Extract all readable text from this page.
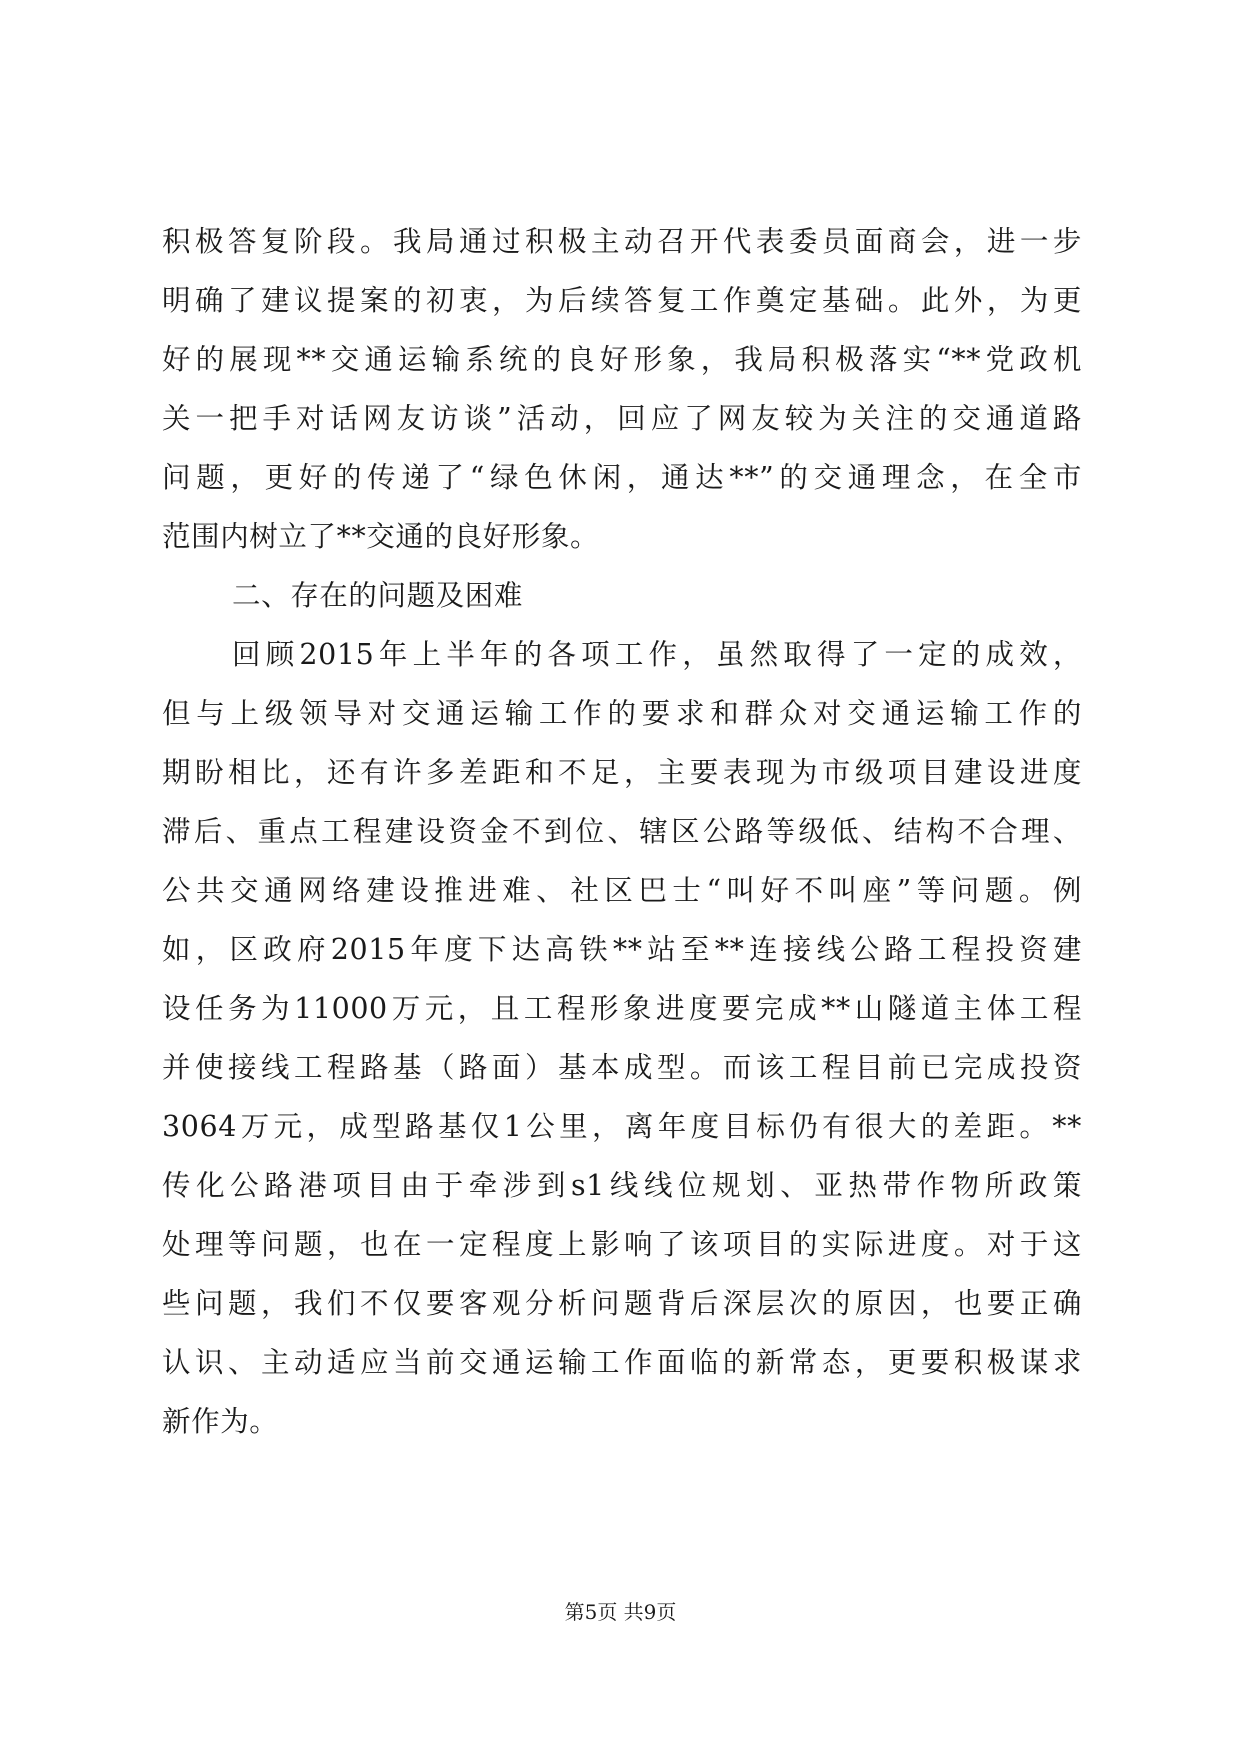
积极答复阶段。我局通过积极主动召开代表委员面商会，进一步
明确了建议提案的初衷，为后续答复工作奠定基础。此外，为更
好的展现**交通运输系统的良好形象，我局积极落实“**党政机
关一把手对话网友访谈”活动，回应了网友较为关注的交通道路
问题，更好的传递了“绿色休闲，通达**”的交通理念，在全市
范围内树立了**交通的良好形象。
二、存在的问题及困难
回顾2015年上半年的各项工作，虽然取得了一定的成效，
但与上级领导对交通运输工作的要求和群众对交通运输工作的
期盼相比，还有许多差距和不足，主要表现为市级项目建设进度
滞后、重点工程建设资金不到位、辖区公路等级低、结构不合理、
公共交通网络建设推进难、社区巴士“叫好不叫座”等问题。例
如，区政府2015年度下达高铁**站至**连接线公路工程投资建
设任务为11000万元，且工程形象进度要完成**山隧道主体工程
并使接线工程路基（路面）基本成型。而该工程目前已完成投资
3064万元，成型路基仅1公里，离年度目标仍有很大的差距。**
传化公路港项目由于牵涉到s1线线位规划、亚热带作物所政策
处理等问题，也在一定程度上影响了该项目的实际进度。对于这
些问题，我们不仅要客观分析问题背后深层次的原因，也要正确
认识、主动适应当前交通运输工作面临的新常态，更要积极谋求
新作为。
第5页 共9页
